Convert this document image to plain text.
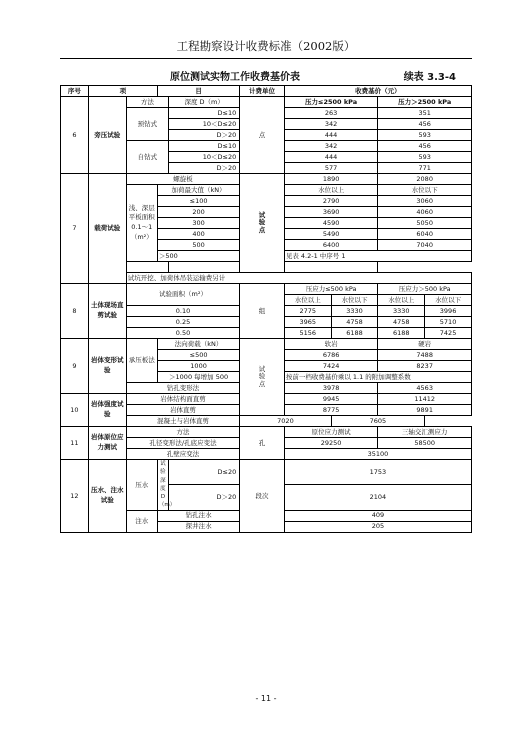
工程勘察设计收费标准（2002版）
原位测试实物工作收费基价表	续表 3.3-4
序号	项		目		计费单位	收费基价（元）			
6	旁压试验	方法		深度 D（m）	点	压力≤2500 kPa		压力＞2500 kPa	
		预钻式		D≤10		263		351	
				10＜D≤20		342		456	
				D＞20		444		593	
		自钻式		D≤10		342		456	
				10＜D≤20		444		593	
				D＞20		577		771	
7	载荷试验	螺旋板			试验点	1890		2080	
		浅、深层平板面积0.1～1（m²）	加荷最大值（kN）			水位以上		水位以下	
			≤100			2790		3060	
			200			3690		4060	
			300			4590		5050	
			400			5490		6040	
			500			6400		7040	
			＞500			见表 4.2-1 中序号 1			

		试坑开挖、加荷体吊装运输费另计							
8	土体现场直剪试验	试验面积（m²）			组	压应力≤500 kPa		压应力＞500 kPa	
						水位以上	水位以下	水位以上	水位以下
		0.10				2775	3330	3330	3996
		0.25				3965	4758	4758	5710
		0.50				5156	6188	6188	7425
9	岩体变形试验	承压板法	法向荷载（kN）		试验点	软岩		硬岩	
			≤500			6786		7488	
			1000			7424		8237	
			＞1000 每增加 500			按前一档收费基价乘以 1.1 的附加调整系数			
		钻孔变形法				3978		4563	
10	岩体强度试验	岩体结构面直剪				9945		11412	
		岩体直剪				8775		9891	
		混凝土与岩体直剪			7020		7605		
11	岩体原位应力测试	方法			孔	原位应力测试		三轴交汇测应力	
		孔径变形法/孔底应变法				29250		58500	
		孔壁应变法				35100			
12	压水、注水试验	压水	试验深度 D（m）	D≤20	段次	1753			
				D＞20		2104			
		注水	钻孔注水			409			
			探井注水			205			
- 11 -
